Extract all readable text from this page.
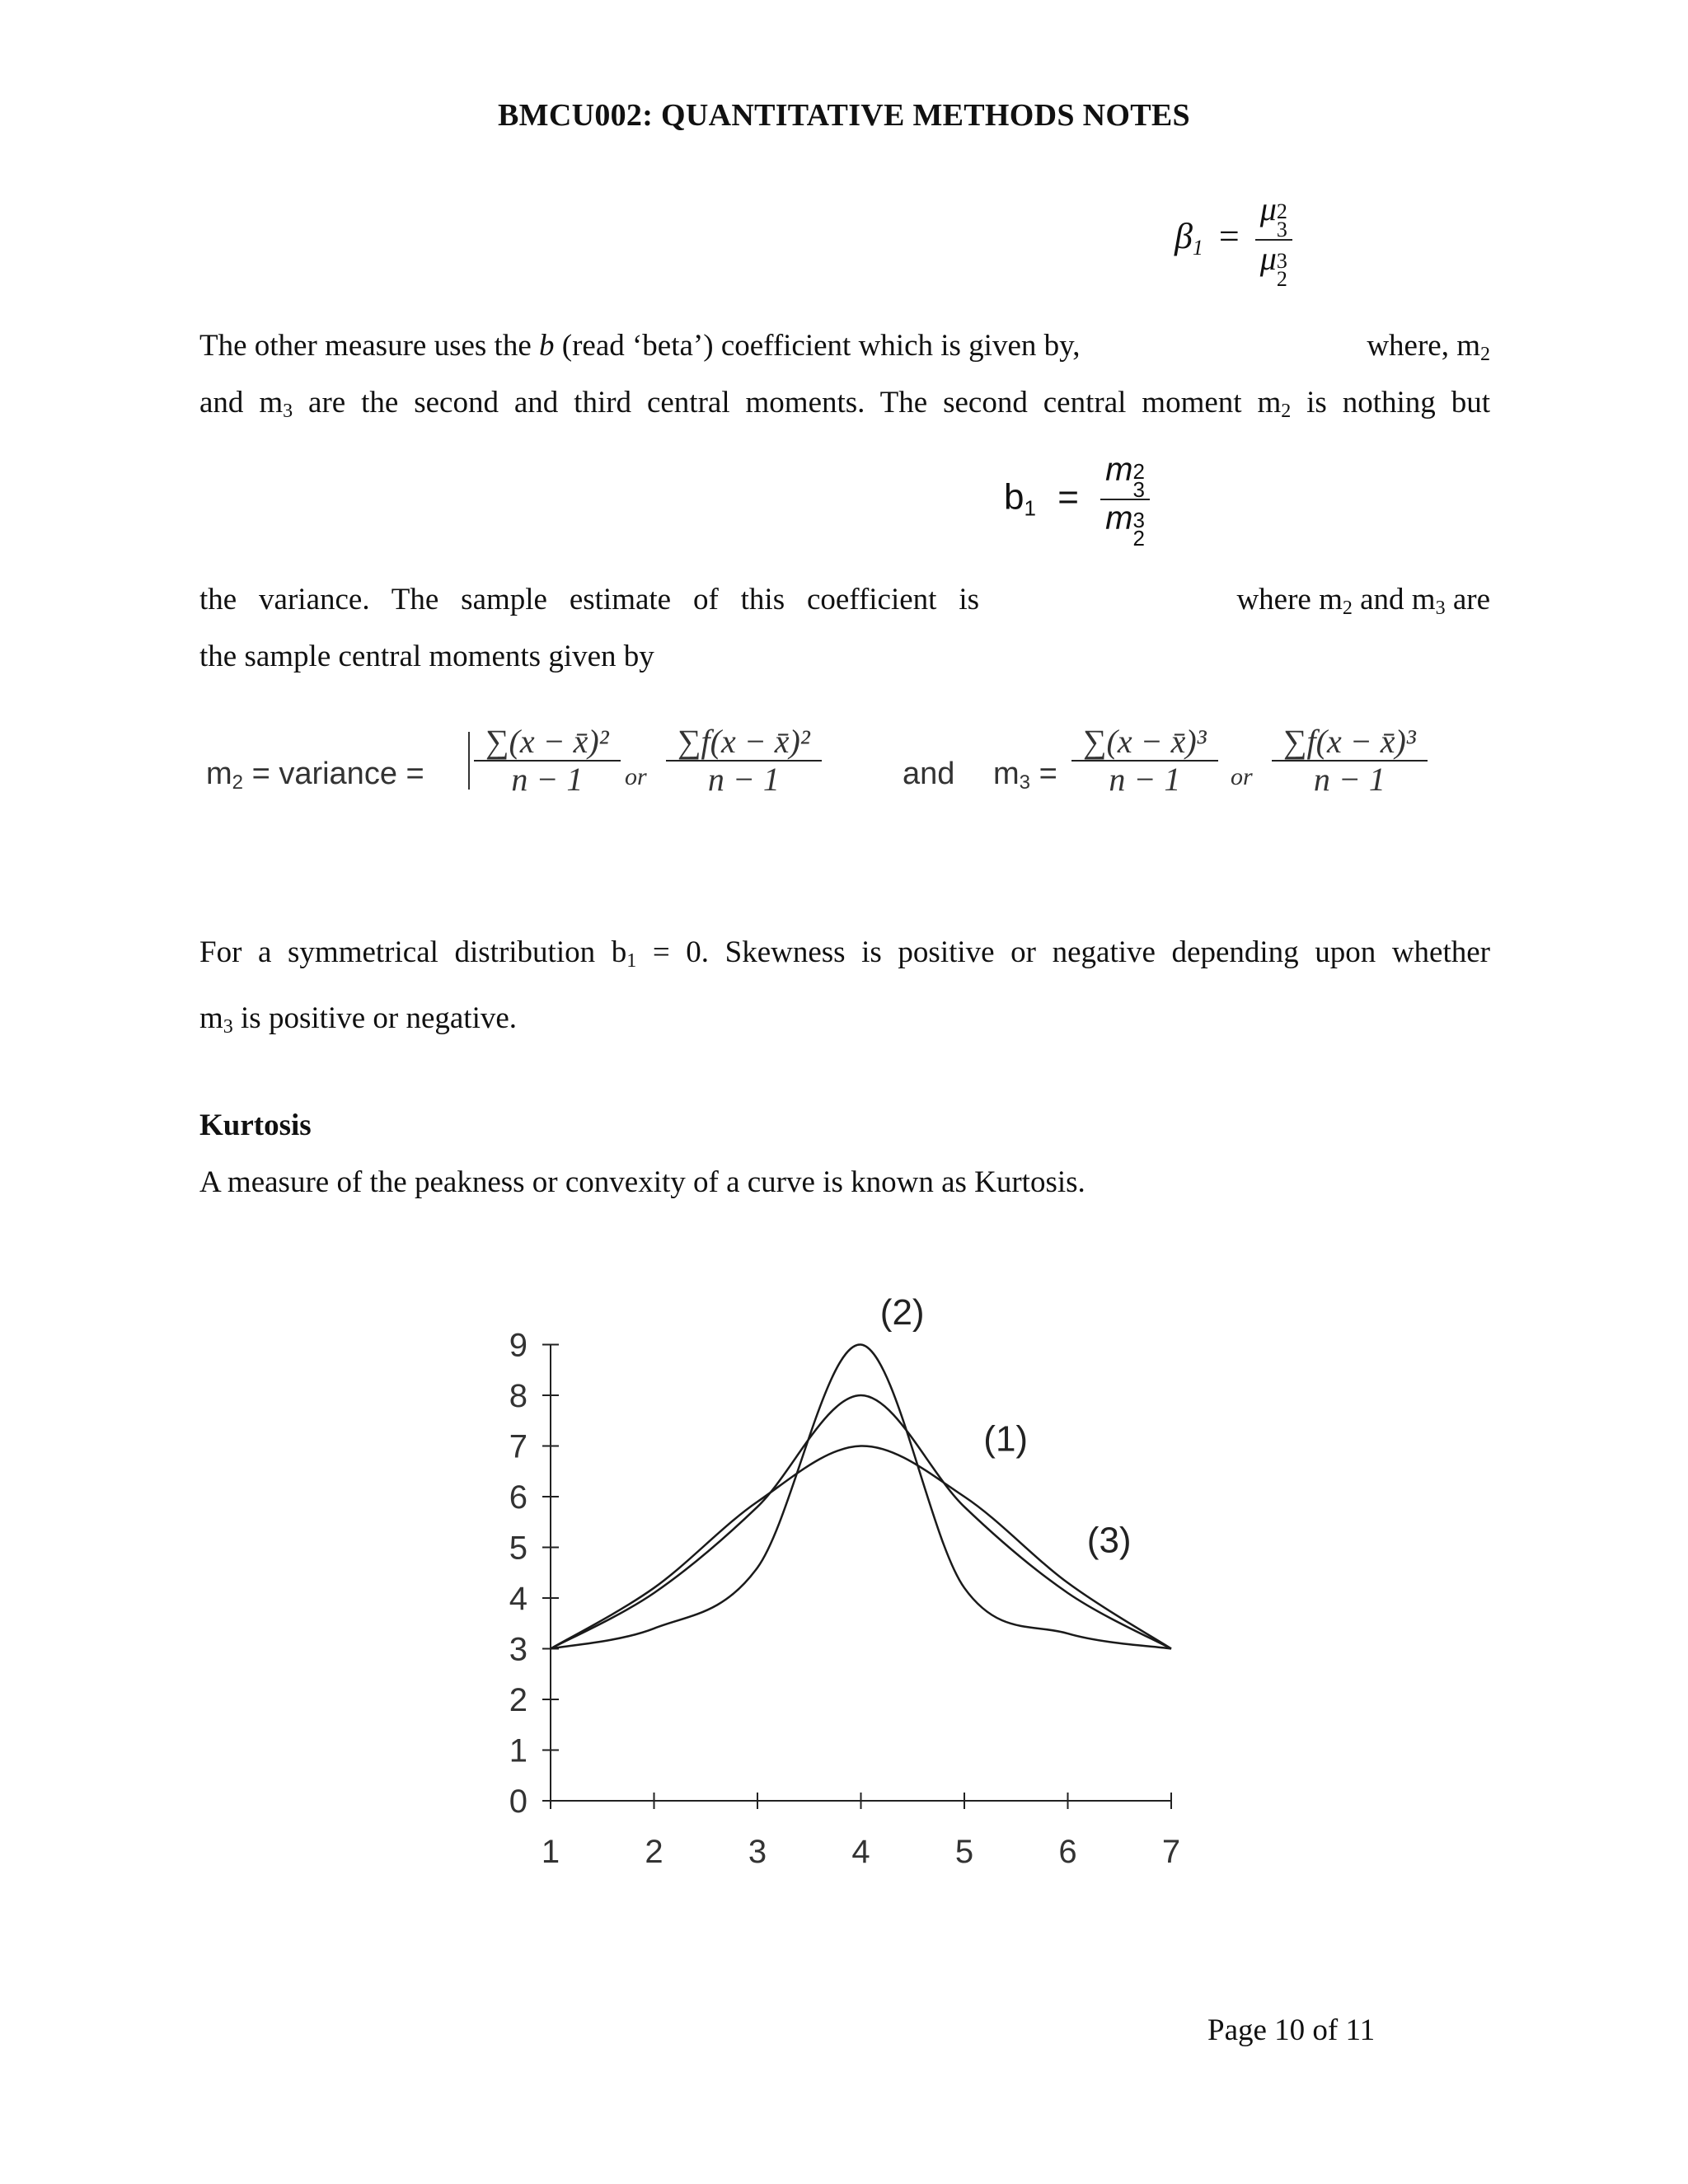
BMCU002: QUANTITATIVE METHODS NOTES
β1 = μ 2
3
μ 3
2
The other measure uses the b (read ‘beta’) coefficient which is given by,	where, $m_2$
and $m_3$ are the second and third central moments. The second central moment $m_2$ is nothing but
b1 = m 2
3
m 3
2
the variance. The sample estimate of this coefficient is	where $m_2$ and $m_3$ are
the sample central moments given by
m2 = variance = $\frac{\text{∑(x − x̄)²}}{n - 1}$ or $\frac{\text{∑f(x − x̄)²}}{n - 1}$	and $m3 = \frac{\text{∑(x − x̄)³}}{n - 1}$ or $\frac{\text{∑f(x − x̄)³}}{n - 1}$
For a symmetrical distribution $b_1 = 0$. Skewness is positive or negative depending upon whether
$m_3$ is positive or negative.
Kurtosis
A measure of the peakness or convexity of a curve is known as Kurtosis.
0
1
2
3
4
5
6
7
8
9
1	2	3	4	5	6	7
(2)
(1)
(3)
Page 10 of 11
